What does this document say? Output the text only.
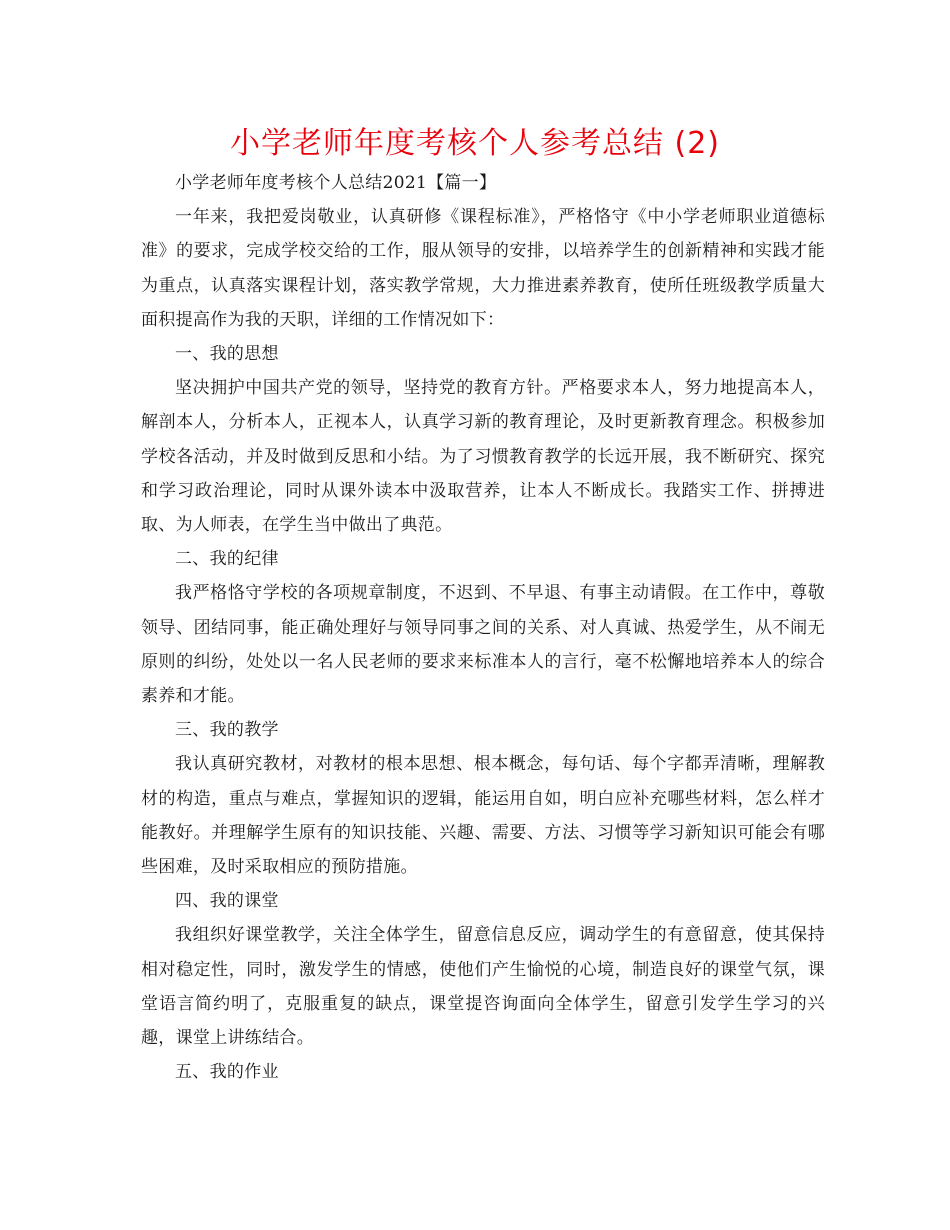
小学老师年度考核个人参考总结 (2)

小学老师年度考核个人总结2021【篇一】

一年来，我把爱岗敬业，认真研修《课程标准》，严格恪守《中小学老师职业道德标准》的要求，完成学校交给的工作，服从领导的安排，以培养学生的创新精神和实践才能为重点，认真落实课程计划，落实教学常规，大力推进素养教育，使所任班级教学质量大面积提高作为我的天职，详细的工作情况如下：

一、我的思想

坚决拥护中国共产党的领导，坚持党的教育方针。严格要求本人，努力地提高本人，解剖本人，分析本人，正视本人，认真学习新的教育理论，及时更新教育理念。积极参加学校各活动，并及时做到反思和小结。为了习惯教育教学的长远开展，我不断研究、探究和学习政治理论，同时从课外读本中汲取营养，让本人不断成长。我踏实工作、拼搏进取、为人师表，在学生当中做出了典范。

二、我的纪律

我严格恪守学校的各项规章制度，不迟到、不早退、有事主动请假。在工作中，尊敬领导、团结同事，能正确处理好与领导同事之间的关系、对人真诚、热爱学生，从不闹无原则的纠纷，处处以一名人民老师的要求来标准本人的言行，毫不松懈地培养本人的综合素养和才能。

三、我的教学

我认真研究教材，对教材的根本思想、根本概念，每句话、每个字都弄清晰，理解教材的构造，重点与难点，掌握知识的逻辑，能运用自如，明白应补充哪些材料，怎么样才能教好。并理解学生原有的知识技能、兴趣、需要、方法、习惯等学习新知识可能会有哪些困难，及时采取相应的预防措施。

四、我的课堂

我组织好课堂教学，关注全体学生，留意信息反应，调动学生的有意留意，使其保持相对稳定性，同时，激发学生的情感，使他们产生愉悦的心境，制造良好的课堂气氛，课堂语言简约明了，克服重复的缺点，课堂提咨询面向全体学生，留意引发学生学习的兴趣，课堂上讲练结合。

五、我的作业
